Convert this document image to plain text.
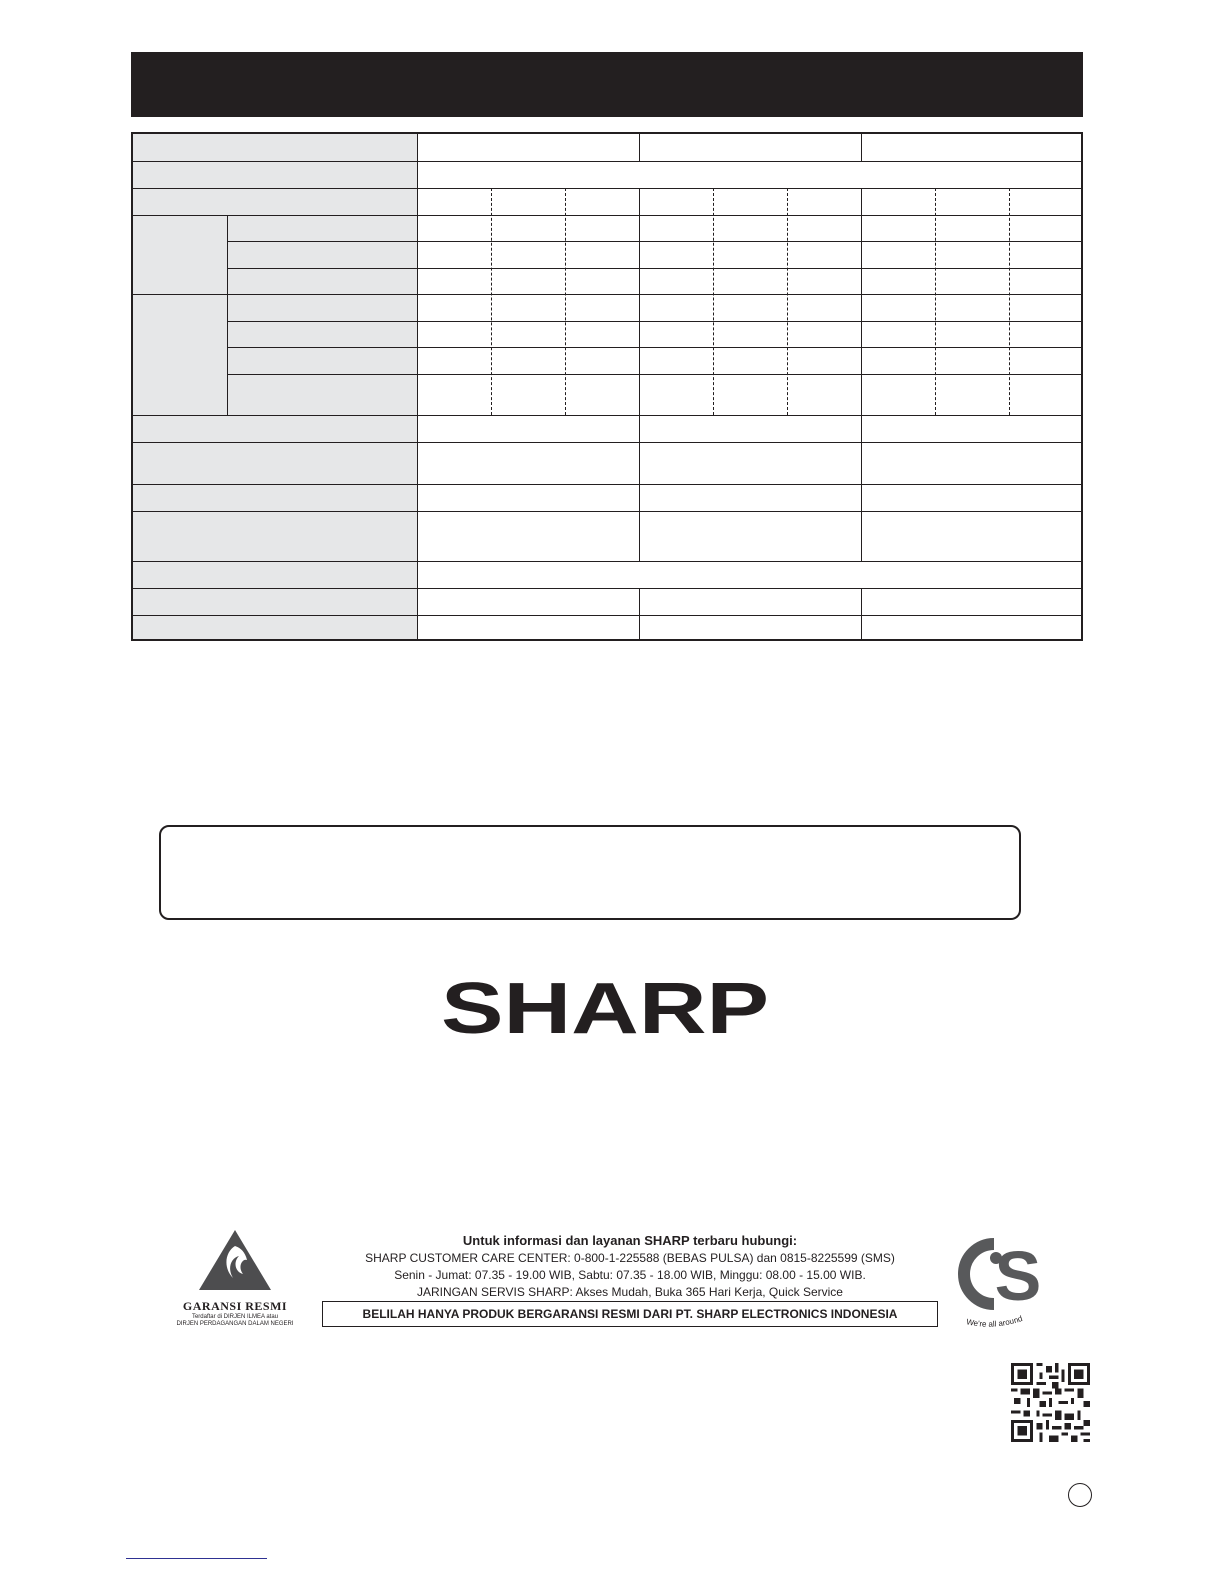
SHARP
GARANSI RESMI
Terdaftar di DIRJEN ILMEA atau
DIRJEN PERDAGANGAN DALAM NEGERI
Untuk informasi dan layanan SHARP terbaru hubungi:
SHARP CUSTOMER CARE CENTER: 0-800-1-225588 (BEBAS PULSA) dan 0815-8225599 (SMS)
Senin - Jumat: 07.35 - 19.00 WIB, Sabtu: 07.35 - 18.00 WIB, Minggu: 08.00 - 15.00 WIB.
JARINGAN SERVIS SHARP: Akses Mudah, Buka 365 Hari Kerja, Quick Service
BELILAH HANYA PRODUK BERGARANSI RESMI DARI PT. SHARP ELECTRONICS INDONESIA	S
We're all around
